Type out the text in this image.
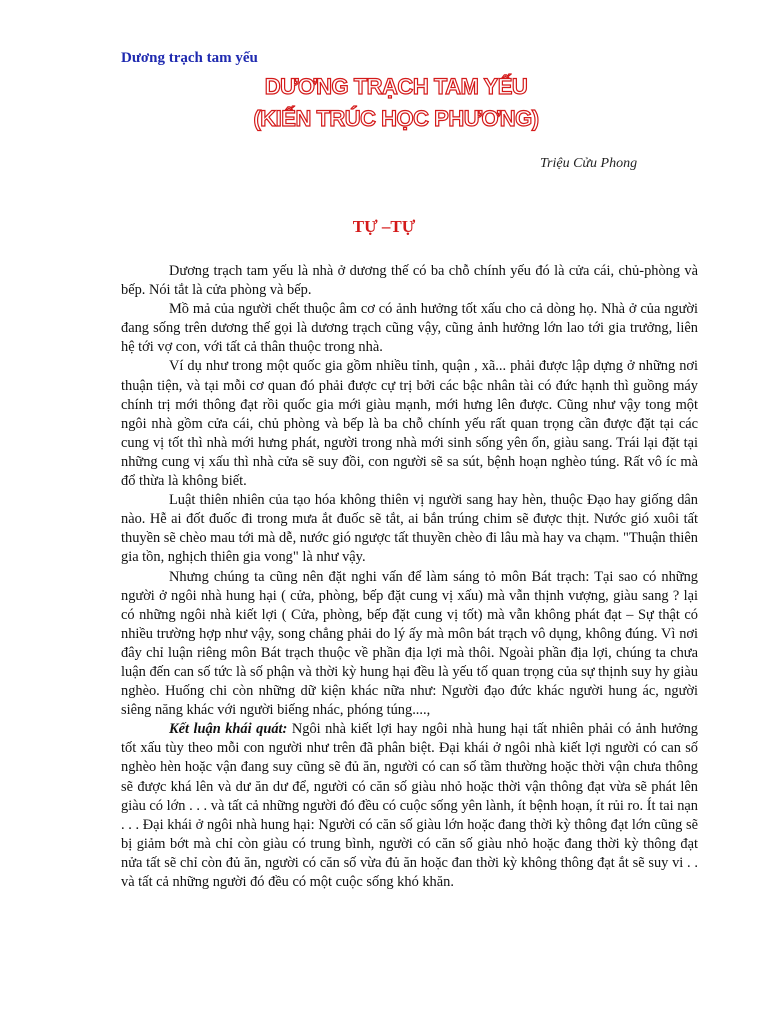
Dương trạch tam yếu
DƯƠNG TRẠCH TAM YẾU
(KIẾN TRÚC HỌC PHƯƠNG)
Triệu Cửu Phong
TỰ –TỰ

Dương trạch tam yếu là nhà ở dương thế có ba chỗ chính yếu đó là cửa cái, chủ-phòng và bếp. Nói tắt là cửa phòng và bếp.

Mồ mả của người chết thuộc âm cơ có ảnh hưởng tốt xấu cho cả dòng họ. Nhà ở của người đang sống trên dương thế gọi là dương trạch cũng vậy, cũng ảnh hưởng lớn lao tới gia trưởng, liên hệ tới vợ con, với tất cả thân thuộc trong nhà.

Ví dụ như trong một quốc gia gồm nhiều tỉnh, quận , xã... phải được lập dựng ở những nơi thuận tiện, và tại mỗi cơ quan đó phải được cự trị bởi các bậc nhân tài có đức hạnh thì guồng máy chính trị mới thông đạt rồi quốc gia mới giàu mạnh, mới hưng lên được. Cũng như vậy tong một ngôi nhà gồm cửa cái, chủ phòng và bếp là ba chỗ chính yếu rất quan trọng cần được đặt tại các cung vị tốt thì nhà mới hưng phát, người trong nhà mới sinh sống yên ổn, giàu sang. Trái lại đặt tại những cung vị xấu thì nhà cửa sẽ suy đồi, con người sẽ sa sút, bệnh hoạn nghèo túng. Rất vô íc mà đổ thừa là không biết.

Luật thiên nhiên của tạo hóa không thiên vị người sang hay hèn, thuộc Đạo hay giống dân nào. Hễ ai đốt đuốc đi trong mưa ắt đuốc sẽ tắt, ai bắn trúng chim sẽ được thịt. Nước gió xuôi tất thuyền sẽ chèo mau tới mà dễ, nước gió ngược tất thuyền chèo đi lâu mà hay va chạm. "Thuận thiên gia tồn, nghịch thiên gia vong" là như vậy.

Nhưng chúng ta cũng nên đặt nghi vấn để làm sáng tỏ môn Bát trạch: Tại sao có những người ở ngôi nhà hung hại ( cửa, phòng, bếp đặt cung vị xấu) mà vẫn thịnh vượng, giàu sang ? lại có những ngôi nhà kiết lợi ( Cửa, phòng, bếp đặt cung vị tốt) mà vẫn không phát đạt – Sự thật có nhiều trường hợp như vậy, song chẳng phải do lý ấy mà môn bát trạch vô dụng, không đúng. Vì nơi đây chỉ luận riêng môn Bát trạch thuộc về phần địa lợi mà thôi. Ngoài phần địa lợi, chúng ta chưa luận đến can số tức là số phận và thời kỳ hung hại đều là yếu tố quan trọng của sự thịnh suy hy giàu nghèo. Huống chi còn những dữ kiện khác nữa như: Người đạo đức khác người hung ác, người siêng năng khác với người biếng nhác, phóng túng....,

Kết luận khái quát: Ngôi nhà kiết lợi hay ngôi nhà hung hại tất nhiên phải có ảnh hưởng tốt xấu tùy theo mỗi con người như trên đã phân biệt. Đại khái ở ngôi nhà kiết lợi người có can số nghèo hèn hoặc vận đang suy cũng sẽ đủ ăn, người có can số tầm thường hoặc thời vận chưa thông sẽ được khá lên và dư ăn dư để, người có căn số giàu nhỏ hoặc thời vận thông đạt vừa sẽ phát lên giàu có lớn . . . và tất cả những người đó đều có cuộc sống yên lành, ít bệnh hoạn, ít rủi ro. Ít tai nạn . . . Đại khái ở ngôi nhà hung hại: Người có căn số giàu lớn hoặc đang thời kỳ thông đạt lớn cũng sẽ bị giảm bớt mà chỉ còn giàu có trung bình, người có căn số giàu nhỏ hoặc đang thời kỳ thông đạt nửa tất sẽ chỉ còn đủ ăn, người có căn số vừa đủ ăn hoặc đan thời kỳ không thông đạt ắt sẽ suy vi . . và tất cả những người đó đều có một cuộc sống khó khăn.
